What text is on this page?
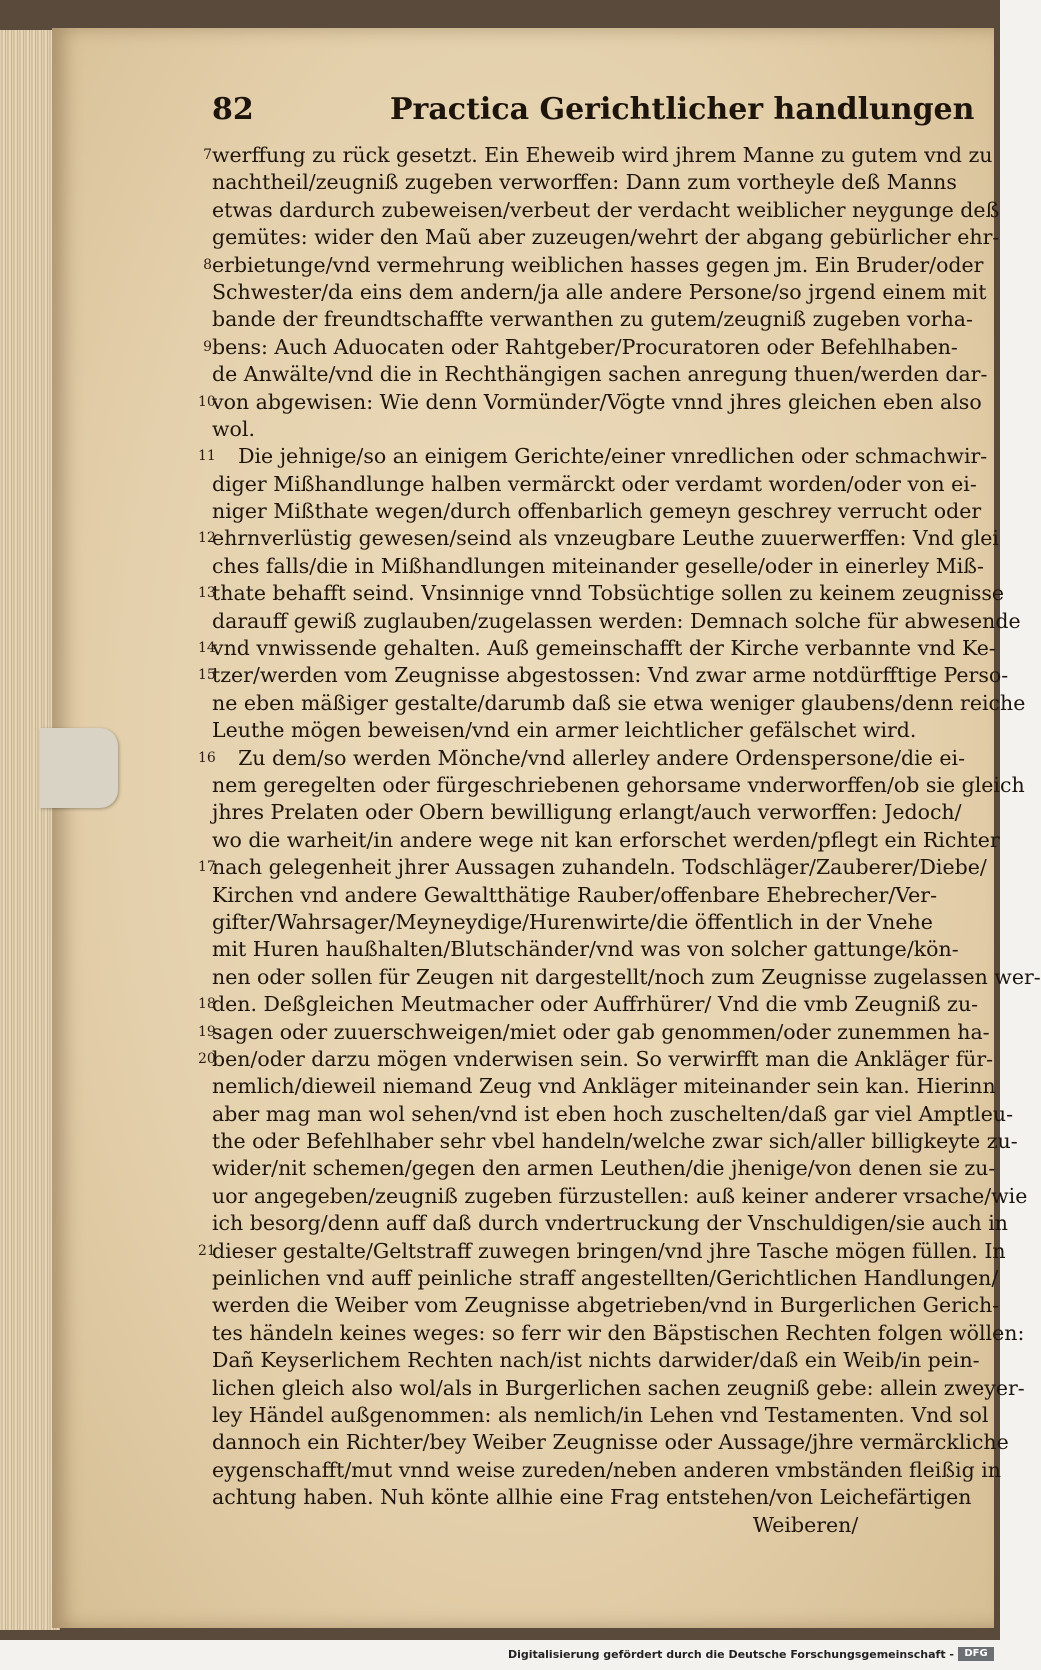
82	Practica Gerichtlicher handlungen
7 werffung zu rück gesetzt. Ein Eheweib wird jhrem Manne zu gutem vnd zu
nachtheil/zeugniß zugeben verworffen: Dann zum vortheyle deß Manns
etwas dardurch zubeweisen/verbeut der verdacht weiblicher neygunge deß
gemütes: wider den Maũ aber zuzeugen/wehrt der abgang gebürlicher ehr-
8 erbietunge/vnd vermehrung weiblichen hasses gegen jm. Ein Bruder/oder
Schwester/da eins dem andern/ja alle andere Persone/so jrgend einem mit
bande der freundtschaffte verwanthen zu gutem/zeugniß zugeben vorha-
9 bens: Auch Aduocaten oder Rahtgeber/Procuratoren oder Befehlhaben-
de Anwälte/vnd die in Rechthängigen sachen anregung thuen/werden dar-
10
von abgewisen: Wie denn Vormünder/Vögte vnnd jhres gleichen eben also
wol.
11
Die jehnige/so an einigem Gerichte/einer vnredlichen oder schmachwir-
diger Mißhandlunge halben vermärckt oder verdamt worden/oder von ei-
niger Mißthate wegen/durch offenbarlich gemeyn geschrey verrucht oder
12
ehrnverlüstig gewesen/seind als vnzeugbare Leuthe zuuerwerffen: Vnd glei
ches falls/die in Mißhandlungen miteinander geselle/oder in einerley Miß-
13
thate behafft seind. Vnsinnige vnnd Tobsüchtige sollen zu keinem zeugnisse
darauff gewiß zuglauben/zugelassen werden: Demnach solche für abwesende
14
vnd vnwissende gehalten. Auß gemeinschafft der Kirche verbannte vnd Ke-
15
tzer/werden vom Zeugnisse abgestossen: Vnd zwar arme notdürfftige Perso-
ne eben mäßiger gestalte/darumb daß sie etwa weniger glaubens/denn reiche
Leuthe mögen beweisen/vnd ein armer leichtlicher gefälschet wird.
16
Zu dem/so werden Mönche/vnd allerley andere Ordenspersone/die ei-
nem geregelten oder fürgeschriebenen gehorsame vnderworffen/ob sie gleich
jhres Prelaten oder Obern bewilligung erlangt/auch verworffen: Jedoch/
wo die warheit/in andere wege nit kan erforschet werden/pflegt ein Richter
17
nach gelegenheit jhrer Aussagen zuhandeln. Todschläger/Zauberer/Diebe/
Kirchen vnd andere Gewaltthätige Rauber/offenbare Ehebrecher/Ver-
gifter/Wahrsager/Meyneydige/Hurenwirte/die öffentlich in der Vnehe
mit Huren haußhalten/Blutschänder/vnd was von solcher gattunge/kön-
nen oder sollen für Zeugen nit dargestellt/noch zum Zeugnisse zugelassen wer-
18
den. Deßgleichen Meutmacher oder Auffrhürer/ Vnd die vmb Zeugniß zu-
19
sagen oder zuuerschweigen/miet oder gab genommen/oder zunemmen ha-
20
ben/oder darzu mögen vnderwisen sein. So verwirfft man die Ankläger für-
nemlich/dieweil niemand Zeug vnd Ankläger miteinander sein kan. Hierinn
aber mag man wol sehen/vnd ist eben hoch zuschelten/daß gar viel Amptleu-
the oder Befehlhaber sehr vbel handeln/welche zwar sich/aller billigkeyte zu-
wider/nit schemen/gegen den armen Leuthen/die jhenige/von denen sie zu-
uor angegeben/zeugniß zugeben fürzustellen: auß keiner anderer vrsache/wie
ich besorg/denn auff daß durch vndertruckung der Vnschuldigen/sie auch in
21
dieser gestalte/Geltstraff zuwegen bringen/vnd jhre Tasche mögen füllen. In
peinlichen vnd auff peinliche straff angestellten/Gerichtlichen Handlungen/
werden die Weiber vom Zeugnisse abgetrieben/vnd in Burgerlichen Gerich-
tes händeln keines weges: so ferr wir den Bäpstischen Rechten folgen wöllen:
Dañ Keyserlichem Rechten nach/ist nichts darwider/daß ein Weib/in pein-
lichen gleich also wol/als in Burgerlichen sachen zeugniß gebe: allein zweyer-
ley Händel außgenommen: als nemlich/in Lehen vnd Testamenten. Vnd sol
dannoch ein Richter/bey Weiber Zeugnisse oder Aussage/jhre vermärckliche
eygenschafft/mut vnnd weise zureden/neben anderen vmbständen fleißig in
achtung haben. Nuh könte allhie eine Frag entstehen/von Leichefärtigen
Weiberen/
Digitalisierung gefördert durch die Deutsche Forschungsgemeinschaft -	DFG
